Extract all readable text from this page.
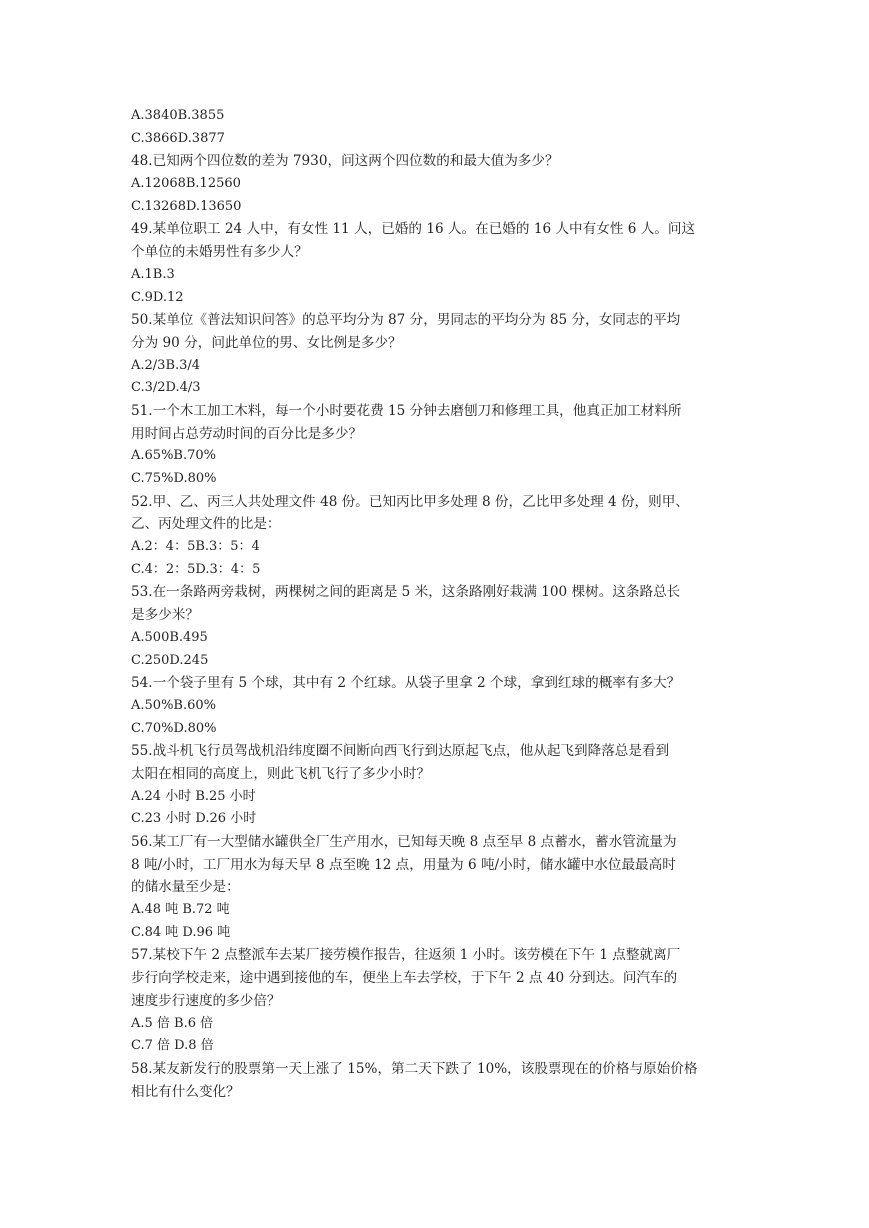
A.3840B.3855
C.3866D.3877
48.已知两个四位数的差为 7930，问这两个四位数的和最大值为多少？
A.12068B.12560
C.13268D.13650
49.某单位职工 24 人中，有女性 11 人，已婚的 16 人。在已婚的 16 人中有女性 6 人。问这
个单位的未婚男性有多少人？
A.1B.3
C.9D.12
50.某单位《普法知识问答》的总平均分为 87 分，男同志的平均分为 85 分，女同志的平均
分为 90 分，问此单位的男、女比例是多少？
A.2/3B.3/4
C.3/2D.4/3
51.一个木工加工木料，每一个小时要花费 15 分钟去磨刨刀和修理工具，他真正加工材料所
用时间占总劳动时间的百分比是多少？
A.65%B.70%
C.75%D.80%
52.甲、乙、丙三人共处理文件 48 份。已知丙比甲多处理 8 份，乙比甲多处理 4 份，则甲、
乙、丙处理文件的比是：
A.2：4：5B.3：5：4
C.4：2：5D.3：4：5
53.在一条路两旁栽树，两棵树之间的距离是 5 米，这条路刚好栽满 100 棵树。这条路总长
是多少米？
A.500B.495
C.250D.245
54.一个袋子里有 5 个球，其中有 2 个红球。从袋子里拿 2 个球，拿到红球的概率有多大？
A.50%B.60%
C.70%D.80%
55.战斗机飞行员驾战机沿纬度圈不间断向西飞行到达原起飞点，他从起飞到降落总是看到
太阳在相同的高度上，则此飞机飞行了多少小时？
A.24 小时 B.25 小时
C.23 小时 D.26 小时
56.某工厂有一大型储水罐供全厂生产用水，已知每天晚 8 点至早 8 点蓄水，蓄水管流量为
8 吨/小时，工厂用水为每天早 8 点至晚 12 点，用量为 6 吨/小时，储水罐中水位最最高时
的储水量至少是：
A.48 吨 B.72 吨
C.84 吨 D.96 吨
57.某校下午 2 点整派车去某厂接劳模作报告，往返须 1 小时。该劳模在下午 1 点整就离厂
步行向学校走来，途中遇到接他的车，便坐上车去学校，于下午 2 点 40 分到达。问汽车的
速度步行速度的多少倍？
A.5 倍 B.6 倍
C.7 倍 D.8 倍
58.某友新发行的股票第一天上涨了 15%，第二天下跌了 10%，该股票现在的价格与原始价格
相比有什么变化？
